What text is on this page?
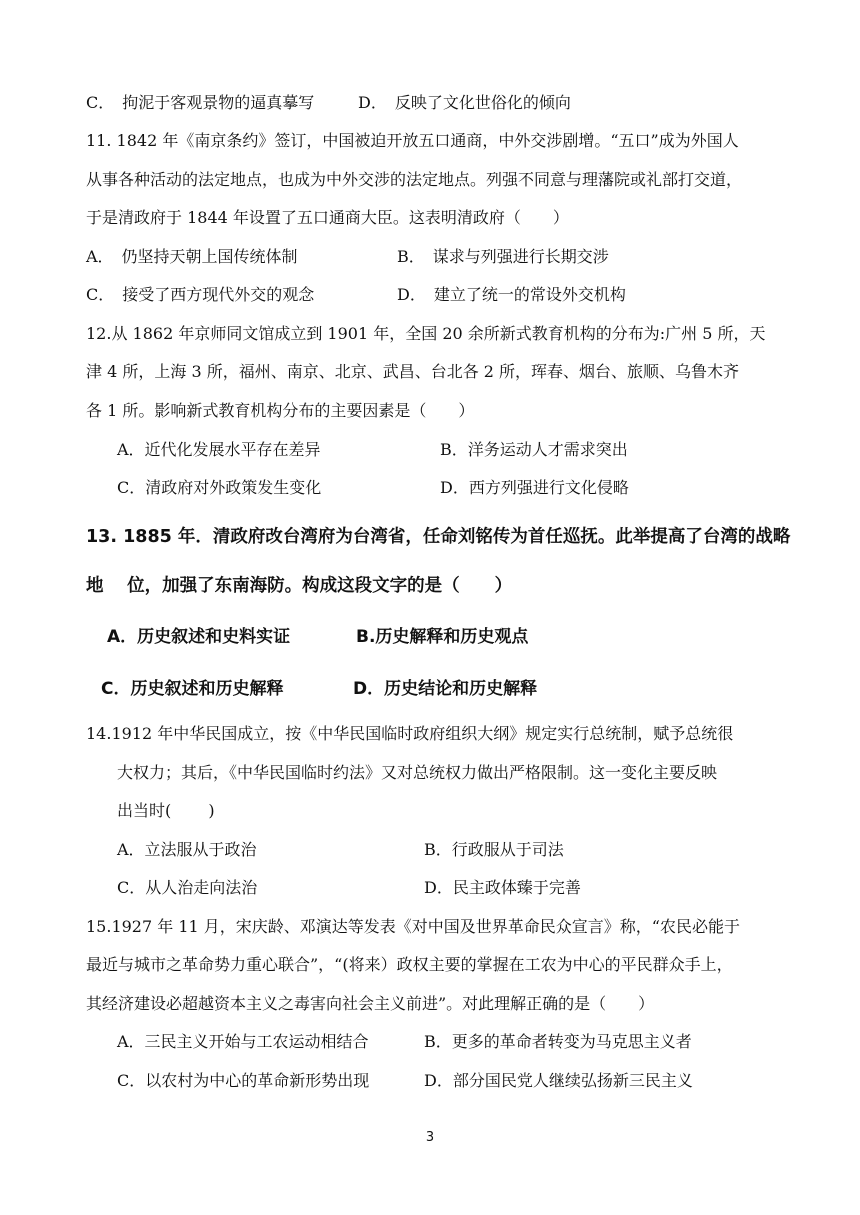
C．　拘泥于客观景物的逼真摹写	D．　反映了文化世俗化的倾向
11. 1842 年《南京条约》签订，中国被迫开放五口通商，中外交涉剧增。“五口”成为外国人
从事各种活动的法定地点，也成为中外交涉的法定地点。列强不同意与理藩院或礼部打交道，
于是清政府于 1844 年设置了五口通商大臣。这表明清政府（　　）
A．　仍坚持天朝上国传统体制	B．　谋求与列强进行长期交涉
C．　接受了西方现代外交的观念	D．　建立了统一的常设外交机构
12.从 1862 年京师同文馆成立到 1901 年，全国 20 余所新式教育机构的分布为:广州 5 所，天
津 4 所，上海 3 所，福州、南京、北京、武昌、台北各 2 所，珲春、烟台、旅顺、乌鲁木齐
各 1 所。影响新式教育机构分布的主要因素是（　　）
A．近代化发展水平存在差异	B．洋务运动人才需求突出
C．清政府对外政策发生变化	D．西方列强进行文化侵略
13. 1885 年．清政府改台湾府为台湾省，任命刘铭传为首任巡抚。此举提高了台湾的战略
地　 位，加强了东南海防。构成这段文字的是（　　）
A．历史叙述和史料实证	B.历史解释和历史观点
C．历史叙述和历史解释	D．历史结论和历史解释
14.1912 年中华民国成立，按《中华民国临时政府组织大纲》规定实行总统制，赋予总统很
大权力；其后，《中华民国临时约法》又对总统权力做出严格限制。这一变化主要反映
出当时(　　 )
A．立法服从于政治	B．行政服从于司法
C．从人治走向法治	D．民主政体臻于完善
15.1927 年 11 月，宋庆龄、邓演达等发表《对中国及世界革命民众宣言》称，“农民必能于
最近与城市之革命势力重心联合”，“(将来）政权主要的掌握在工农为中心的平民群众手上，
其经济建设必超越资本主义之毒害向社会主义前进”。对此理解正确的是（　　）
A．三民主义开始与工农运动相结合	B．更多的革命者转变为马克思主义者
C．以农村为中心的革命新形势出现	D．部分国民党人继续弘扬新三民主义
3
